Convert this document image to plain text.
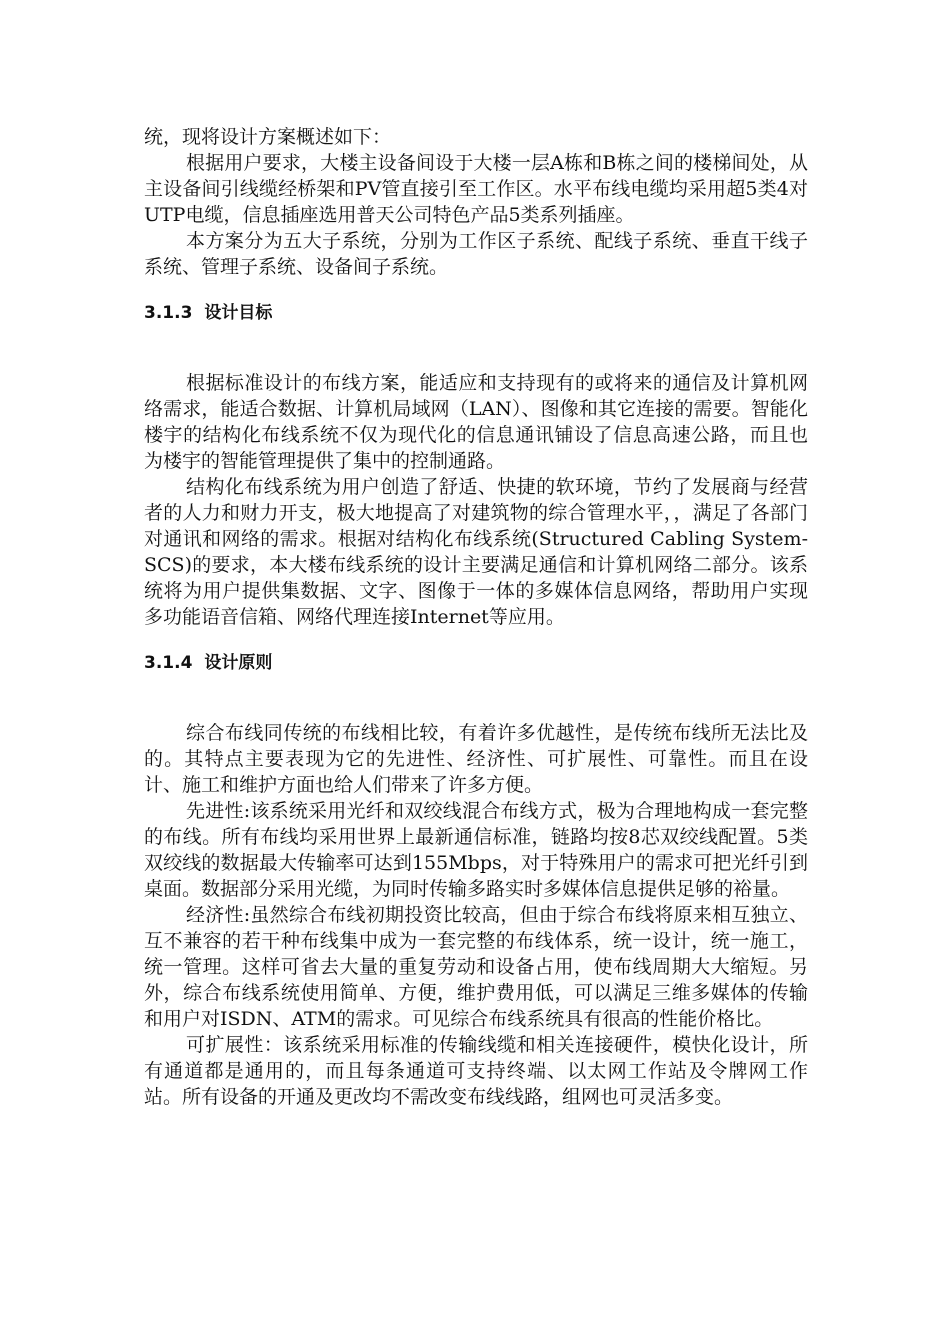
统，现将设计方案概述如下：

根据用户要求，大楼主设备间设于大楼一层A栋和B栋之间的楼梯间处，从主设备间引线缆经桥架和PV管直接引至工作区。水平布线电缆均采用超5类4对UTP电缆，信息插座选用普天公司特色产品5类系列插座。

本方案分为五大子系统，分别为工作区子系统、配线子系统、垂直干线子系统、管理子系统、设备间子系统。

3.1.3 设计目标

根据标准设计的布线方案，能适应和支持现有的或将来的通信及计算机网络需求，能适合数据、计算机局域网（LAN）、图像和其它连接的需要。智能化楼宇的结构化布线系统不仅为现代化的信息通讯铺设了信息高速公路，而且也为楼宇的智能管理提供了集中的控制通路。

结构化布线系统为用户创造了舒适、快捷的软环境，节约了发展商与经营者的人力和财力开支，极大地提高了对建筑物的综合管理水平，，满足了各部门对通讯和网络的需求。根据对结构化布线系统(Structured Cabling System-SCS)的要求，本大楼布线系统的设计主要满足通信和计算机网络二部分。该系统将为用户提供集数据、文字、图像于一体的多媒体信息网络，帮助用户实现多功能语音信箱、网络代理连接Internet等应用。

3.1.4 设计原则

综合布线同传统的布线相比较，有着许多优越性，是传统布线所无法比及的。其特点主要表现为它的先进性、经济性、可扩展性、可靠性。而且在设计、施工和维护方面也给人们带来了许多方便。

先进性:该系统采用光纤和双绞线混合布线方式，极为合理地构成一套完整的布线。所有布线均采用世界上最新通信标准，链路均按8芯双绞线配置。5类双绞线的数据最大传输率可达到155Mbps，对于特殊用户的需求可把光纤引到桌面。数据部分采用光缆，为同时传输多路实时多媒体信息提供足够的裕量。

经济性:虽然综合布线初期投资比较高，但由于综合布线将原来相互独立、互不兼容的若干种布线集中成为一套完整的布线体系，统一设计，统一施工，统一管理。这样可省去大量的重复劳动和设备占用，使布线周期大大缩短。另外，综合布线系统使用简单、方便，维护费用低，可以满足三维多媒体的传输和用户对ISDN、ATM的需求。可见综合布线系统具有很高的性能价格比。

可扩展性：该系统采用标准的传输线缆和相关连接硬件，模快化设计，所有通道都是通用的，而且每条通道可支持终端、以太网工作站及令牌网工作站。所有设备的开通及更改均不需改变布线线路，组网也可灵活多变。
